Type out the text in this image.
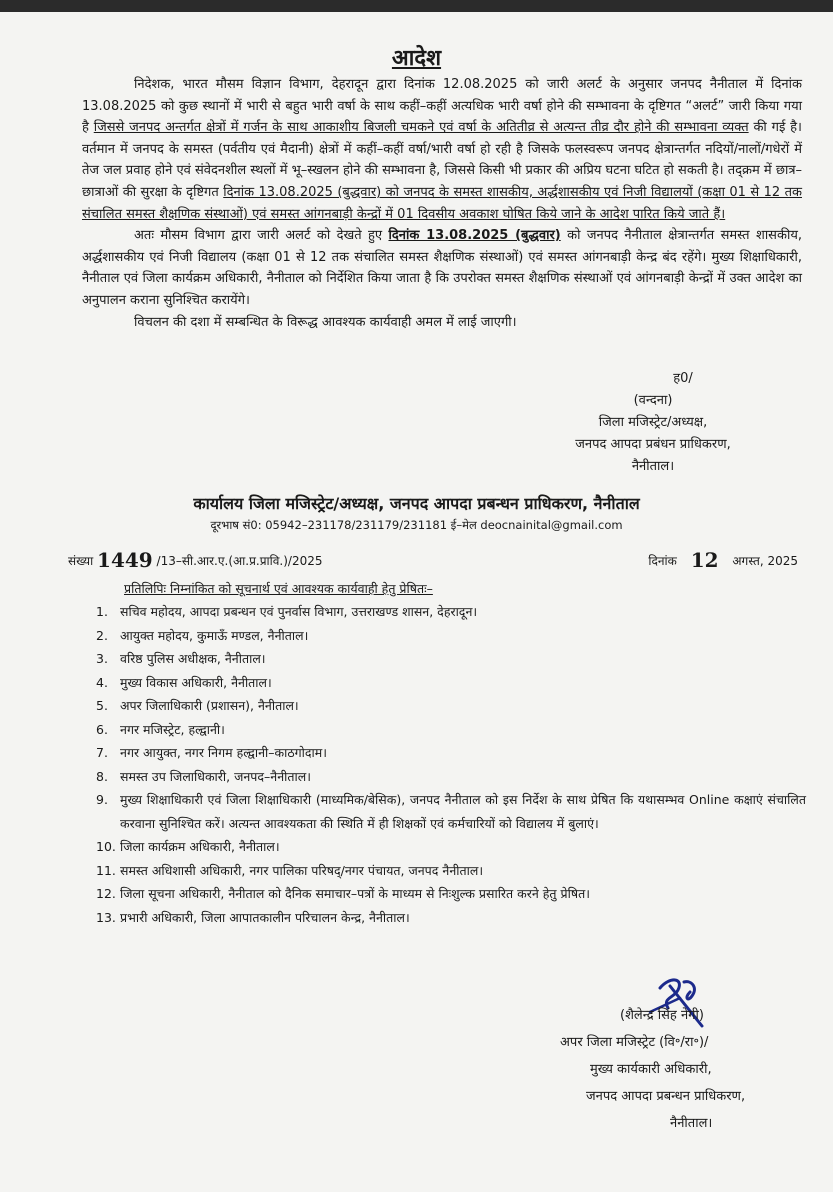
आदेश

निदेशक, भारत मौसम विज्ञान विभाग, देहरादून द्वारा दिनांक 12.08.2025 को जारी अलर्ट के अनुसार जनपद नैनीताल में दिनांक 13.08.2025 को कुछ स्थानों में भारी से बहुत भारी वर्षा के साथ कहीं–कहीं अत्यधिक भारी वर्षा होने की सम्भावना के दृष्टिगत “अलर्ट” जारी किया गया है जिससे जनपद अन्तर्गत क्षेत्रों में गर्जन के साथ आकाशीय बिजली चमकने एवं वर्षा के अतितीव्र से अत्यन्त तीव्र दौर होने की सम्भावना व्यक्त की गई है। वर्तमान में जनपद के समस्त (पर्वतीय एवं मैदानी) क्षेत्रों में कहीं–कहीं वर्षा/भारी वर्षा हो रही है जिसके फलस्वरूप जनपद क्षेत्रान्तर्गत नदियों/नालों/गधेरों में तेज जल प्रवाह होने एवं संवेदनशील स्थलों में भू–स्खलन होने की सम्भावना है, जिससे किसी भी प्रकार की अप्रिय घटना घटित हो सकती है। तद्क्रम में छात्र–छात्राओं की सुरक्षा के दृष्टिगत दिनांक 13.08.2025 (बुद्धवार) को जनपद के समस्त शासकीय, अर्द्धशासकीय एवं निजी विद्यालयों (कक्षा 01 से 12 तक संचालित समस्त शैक्षणिक संस्थाओं) एवं समस्त आंगनबाड़ी केन्द्रों में 01 दिवसीय अवकाश घोषित किये जाने के आदेश पारित किये जाते हैं।

अतः मौसम विभाग द्वारा जारी अलर्ट को देखते हुए दिनांक 13.08.2025 (बुद्धवार) को जनपद नैनीताल क्षेत्रान्तर्गत समस्त शासकीय, अर्द्धशासकीय एवं निजी विद्यालय (कक्षा 01 से 12 तक संचालित समस्त शैक्षणिक संस्थाओं) एवं समस्त आंगनबाड़ी केन्द्र बंद रहेंगे। मुख्य शिक्षाधिकारी, नैनीताल एवं जिला कार्यक्रम अधिकारी, नैनीताल को निर्देशित किया जाता है कि उपरोक्त समस्त शैक्षणिक संस्थाओं एवं आंगनबाड़ी केन्द्रों में उक्त आदेश का अनुपालन कराना सुनिश्चित करायेंगे।

विचलन की दशा में सम्बन्धित के विरूद्ध आवश्यक कार्यवाही अमल में लाई जाएगी।

ह0/
(वन्दना)
जिला मजिस्ट्रेट/अध्यक्ष,
जनपद आपदा प्रबंधन प्राधिकरण,
नैनीताल।
कार्यालय जिला मजिस्ट्रेट/अध्यक्ष, जनपद आपदा प्रबन्धन प्राधिकरण, नैनीताल
दूरभाष सं0: 05942–231178/231179/231181 ई–मेल deocnainital@gmail.com
संख्या 1449 /13–सी.आर.ए.(आ.प्र.प्रावि.)/2025	दिनांक 12 अगस्त, 2025
प्रतिलिपिः निम्नांकित को सूचनार्थ एवं आवश्यक कार्यवाही हेतु प्रेषितः–
1. सचिव महोदय, आपदा प्रबन्धन एवं पुनर्वास विभाग, उत्तराखण्ड शासन, देहरादून।
2. आयुक्त महोदय, कुमाऊँ मण्डल, नैनीताल।
3. वरिष्ठ पुलिस अधीक्षक, नैनीताल।
4. मुख्य विकास अधिकारी, नैनीताल।
5. अपर जिलाधिकारी (प्रशासन), नैनीताल।
6. नगर मजिस्ट्रेट, हल्द्वानी।
7. नगर आयुक्त, नगर निगम हल्द्वानी–काठगोदाम।
8. समस्त उप जिलाधिकारी, जनपद–नैनीताल।
9. मुख्य शिक्षाधिकारी एवं जिला शिक्षाधिकारी (माध्यमिक/बेसिक), जनपद नैनीताल को इस निर्देश के साथ प्रेषित कि यथासम्भव Online कक्षाएं संचालित करवाना सुनिश्चित करें। अत्यन्त आवश्यकता की स्थिति में ही शिक्षकों एवं कर्मचारियों को विद्यालय में बुलाएं।
10. जिला कार्यक्रम अधिकारी, नैनीताल।
11. समस्त अधिशासी अधिकारी, नगर पालिका परिषद्/नगर पंचायत, जनपद नैनीताल।
12. जिला सूचना अधिकारी, नैनीताल को दैनिक समाचार–पत्रों के माध्यम से निःशुल्क प्रसारित करने हेतु प्रेषित।
13. प्रभारी अधिकारी, जिला आपातकालीन परिचालन केन्द्र, नैनीताल।
(शैलेन्द्र सिंह नेगी)
अपर जिला मजिस्ट्रेट (वि॰/रा॰)/
मुख्य कार्यकारी अधिकारी,
जनपद आपदा प्रबन्धन प्राधिकरण,
नैनीताल।
